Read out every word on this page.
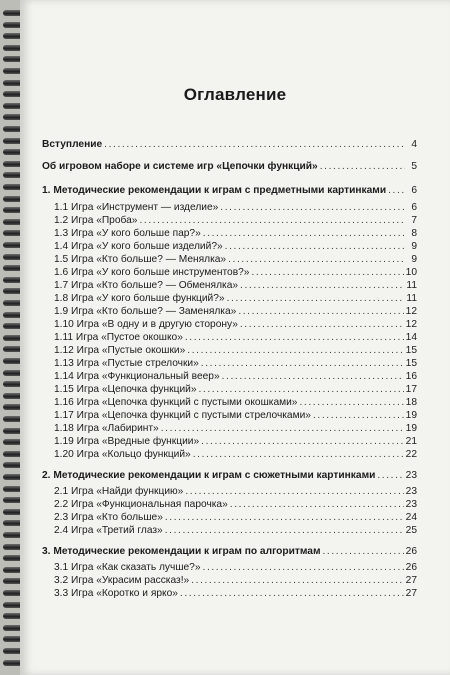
Оглавление
Вступление .....	4
Об игровом наборе и системе игр «Цепочки функций» .....	5
1. Методические рекомендации к играм с предметными картинками .....	6
1.1 Игра «Инструмент — изделие» .....	6
1.2 Игра «Проба» .....	7
1.3 Игра «У кого больше пар?» .....	8
1.4 Игра «У кого больше изделий?» .....	9
1.5 Игра «Кто больше? — Менялка» .....	9
1.6 Игра «У кого больше инструментов?» .....	10
1.7 Игра «Кто больше? — Обменялка» .....	11
1.8 Игра «У кого больше функций?» .....	11
1.9 Игра «Кто больше? — Заменялка» .....	12
1.10 Игра «В одну и в другую сторону» .....	12
1.11 Игра «Пустое окошко» .....	14
1.12 Игра «Пустые окошки» .....	15
1.13 Игра «Пустые стрелочки» .....	15
1.14 Игра «Функциональный веер» .....	16
1.15 Игра «Цепочка функций» .....	17
1.16 Игра «Цепочка функций с пустыми окошками» .....	18
1.17 Игра «Цепочка функций с пустыми стрелочками» .....	19
1.18 Игра «Лабиринт» .....	19
1.19 Игра «Вредные функции» .....	21
1.20 Игра «Кольцо функций» .....	22
2. Методические рекомендации к играм с сюжетными картинками .....	23
2.1 Игра «Найди функцию» .....	23
2.2 Игра «Функциональная парочка» .....	23
2.3 Игра «Кто больше» .....	24
2.4 Игра «Третий глаз» .....	25
3. Методические рекомендации к играм по алгоритмам .....	26
3.1 Игра «Как сказать лучше?» .....	26
3.2 Игра «Украсим рассказ!» .....	27
3.3 Игра «Коротко и ярко» .....	27
